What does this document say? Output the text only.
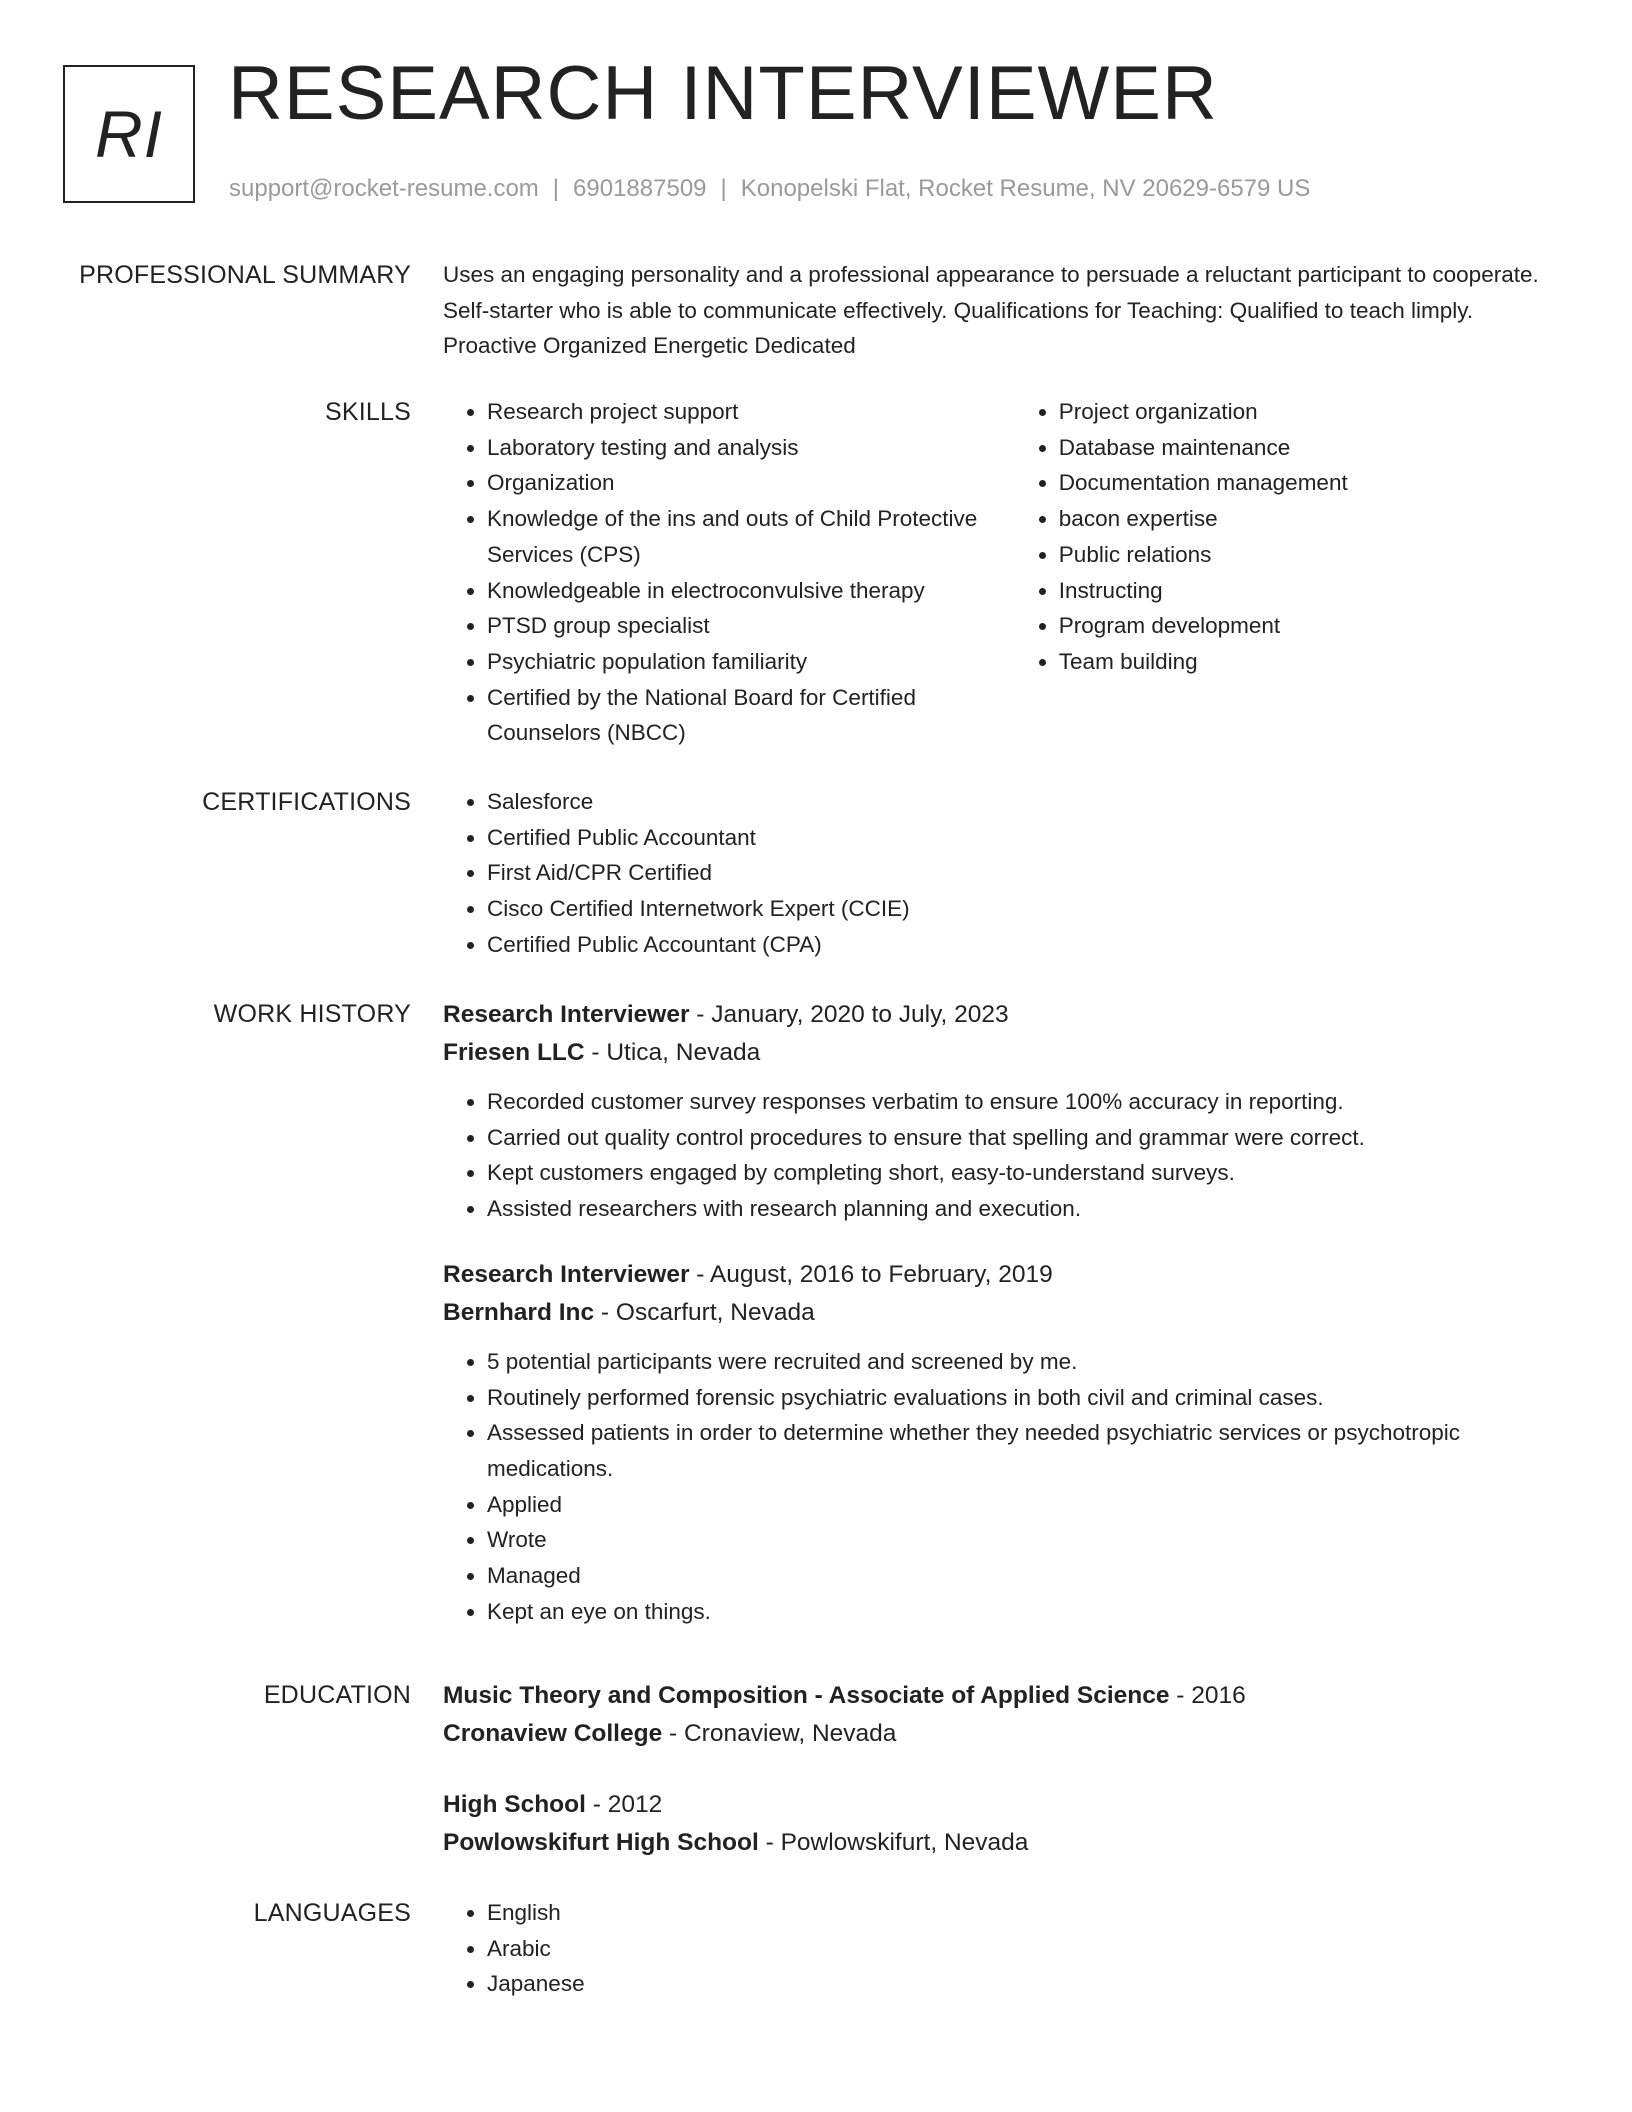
RI RESEARCH INTERVIEWER
support@rocket-resume.com | 6901887509 | Konopelski Flat, Rocket Resume, NV 20629-6579 US
PROFESSIONAL SUMMARY Uses an engaging personality and a professional appearance to persuade a reluctant participant to cooperate. Self-starter who is able to communicate effectively. Qualifications for Teaching: Qualified to teach limply. Proactive Organized Energetic Dedicated

SKILLS	• Research project support
• Laboratory testing and analysis
• Organization
• Knowledge of the ins and outs of Child Protective Services (CPS)
• Knowledgeable in electroconvulsive therapy
• PTSD group specialist
• Psychiatric population familiarity
• Certified by the National Board for Certified Counselors (NBCC)
• Project organization
• Database maintenance
• Documentation management
• bacon expertise
• Public relations
• Instructing
• Program development
• Team building
CERTIFICATIONS	• Salesforce
• Certified Public Accountant
• First Aid/CPR Certified
• Cisco Certified Internetwork Expert (CCIE)
• Certified Public Accountant (CPA)
WORK HISTORY Research Interviewer - January, 2020 to July, 2023

Friesen LLC - Utica, Nevada

• Recorded customer survey responses verbatim to ensure 100% accuracy in reporting.
• Carried out quality control procedures to ensure that spelling and grammar were correct.
• Kept customers engaged by completing short, easy-to-understand surveys.
• Assisted researchers with research planning and execution.

Research Interviewer - August, 2016 to February, 2019

Bernhard Inc - Oscarfurt, Nevada

• 5 potential participants were recruited and screened by me.
• Routinely performed forensic psychiatric evaluations in both civil and criminal cases.
• Assessed patients in order to determine whether they needed psychiatric services or psychotropic medications.
• Applied
• Wrote
• Managed
• Kept an eye on things.
EDUCATION Music Theory and Composition - Associate of Applied Science - 2016

Cronaview College - Cronaview, Nevada

High School - 2012

Powlowskifurt High School - Powlowskifurt, Nevada

LANGUAGES	• English
• Arabic
• Japanese
